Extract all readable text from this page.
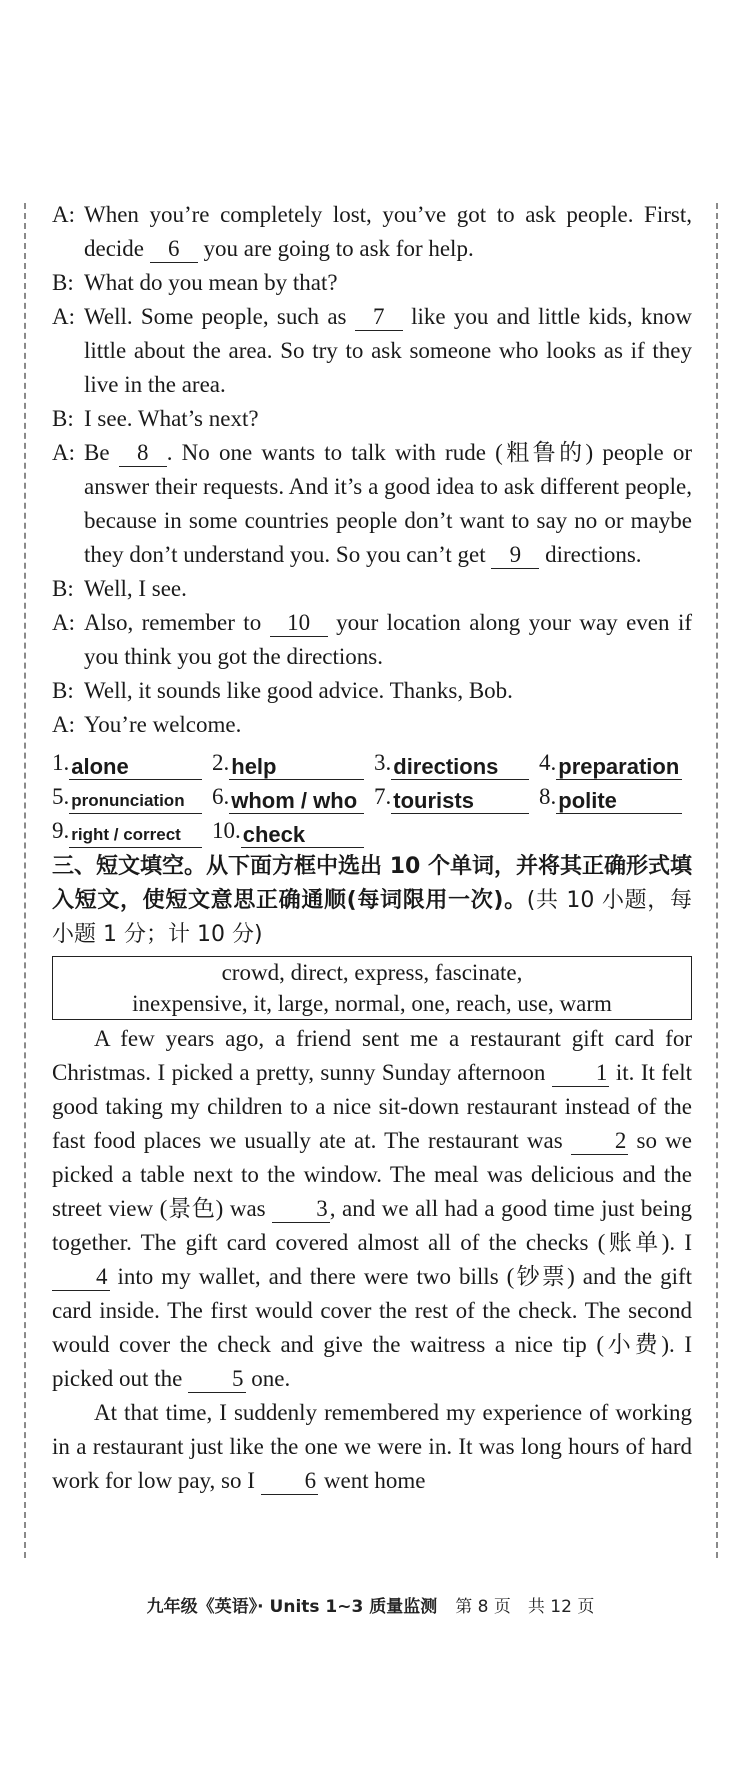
A: When you’re completely lost, you’ve got to ask people. First, decide 6 you are going to ask for help.

B: What do you mean by that?

A: Well. Some people, such as 7 like you and little kids, know little about the area. So try to ask someone who looks as if they live in the area.

B: I see. What’s next?

A: Be 8 . No one wants to talk with rude (粗鲁的) people or answer their requests. And it’s a good idea to ask different people, because in some countries people don’t want to say no or maybe they don’t understand you. So you can’t get 9 directions.

B: Well, I see.

A: Also, remember to 10 your location along your way even if you think you got the directions.

B: Well, it sounds like good advice. Thanks, Bob.

A: You’re welcome.

1. alone	2. help	3. directions	4. preparation
5. pronunciation	6. whom / who 7. tourists	8. polite
9. right / correct	10. check
三、短文填空。从下面方框中选出 10 个单词，并将其正确形式填入短文，使短文意思正确通顺(每词限用一次)。(共 10 小题，每小题 1 分；计 10 分)
crowd, direct, express, fascinate,
inexpensive, it, large, normal, one, reach, use, warm

A few years ago, a friend sent me a restaurant gift card for Christmas. I picked a pretty, sunny Sunday afternoon 1 it. It felt good taking my children to a nice sit-down restaurant instead of the fast food places we usually ate at. The restaurant was 2 so we picked a table next to the window. The meal was delicious and the street view (景色) was 3, and we all had a good time just being together. The gift card covered almost all of the checks (账单). I 4 into my wallet, and there were two bills (钞票) and the gift card inside. The first would cover the rest of the check. The second would cover the check and give the waitress a nice tip (小费). I picked out the 5 one.

At that time, I suddenly remembered my experience of working in a restaurant just like the one we were in. It was long hours of hard work for low pay, so I 6 went home

九年级《英语》· Units 1~3 质量监测 第 8 页　共 12 页
